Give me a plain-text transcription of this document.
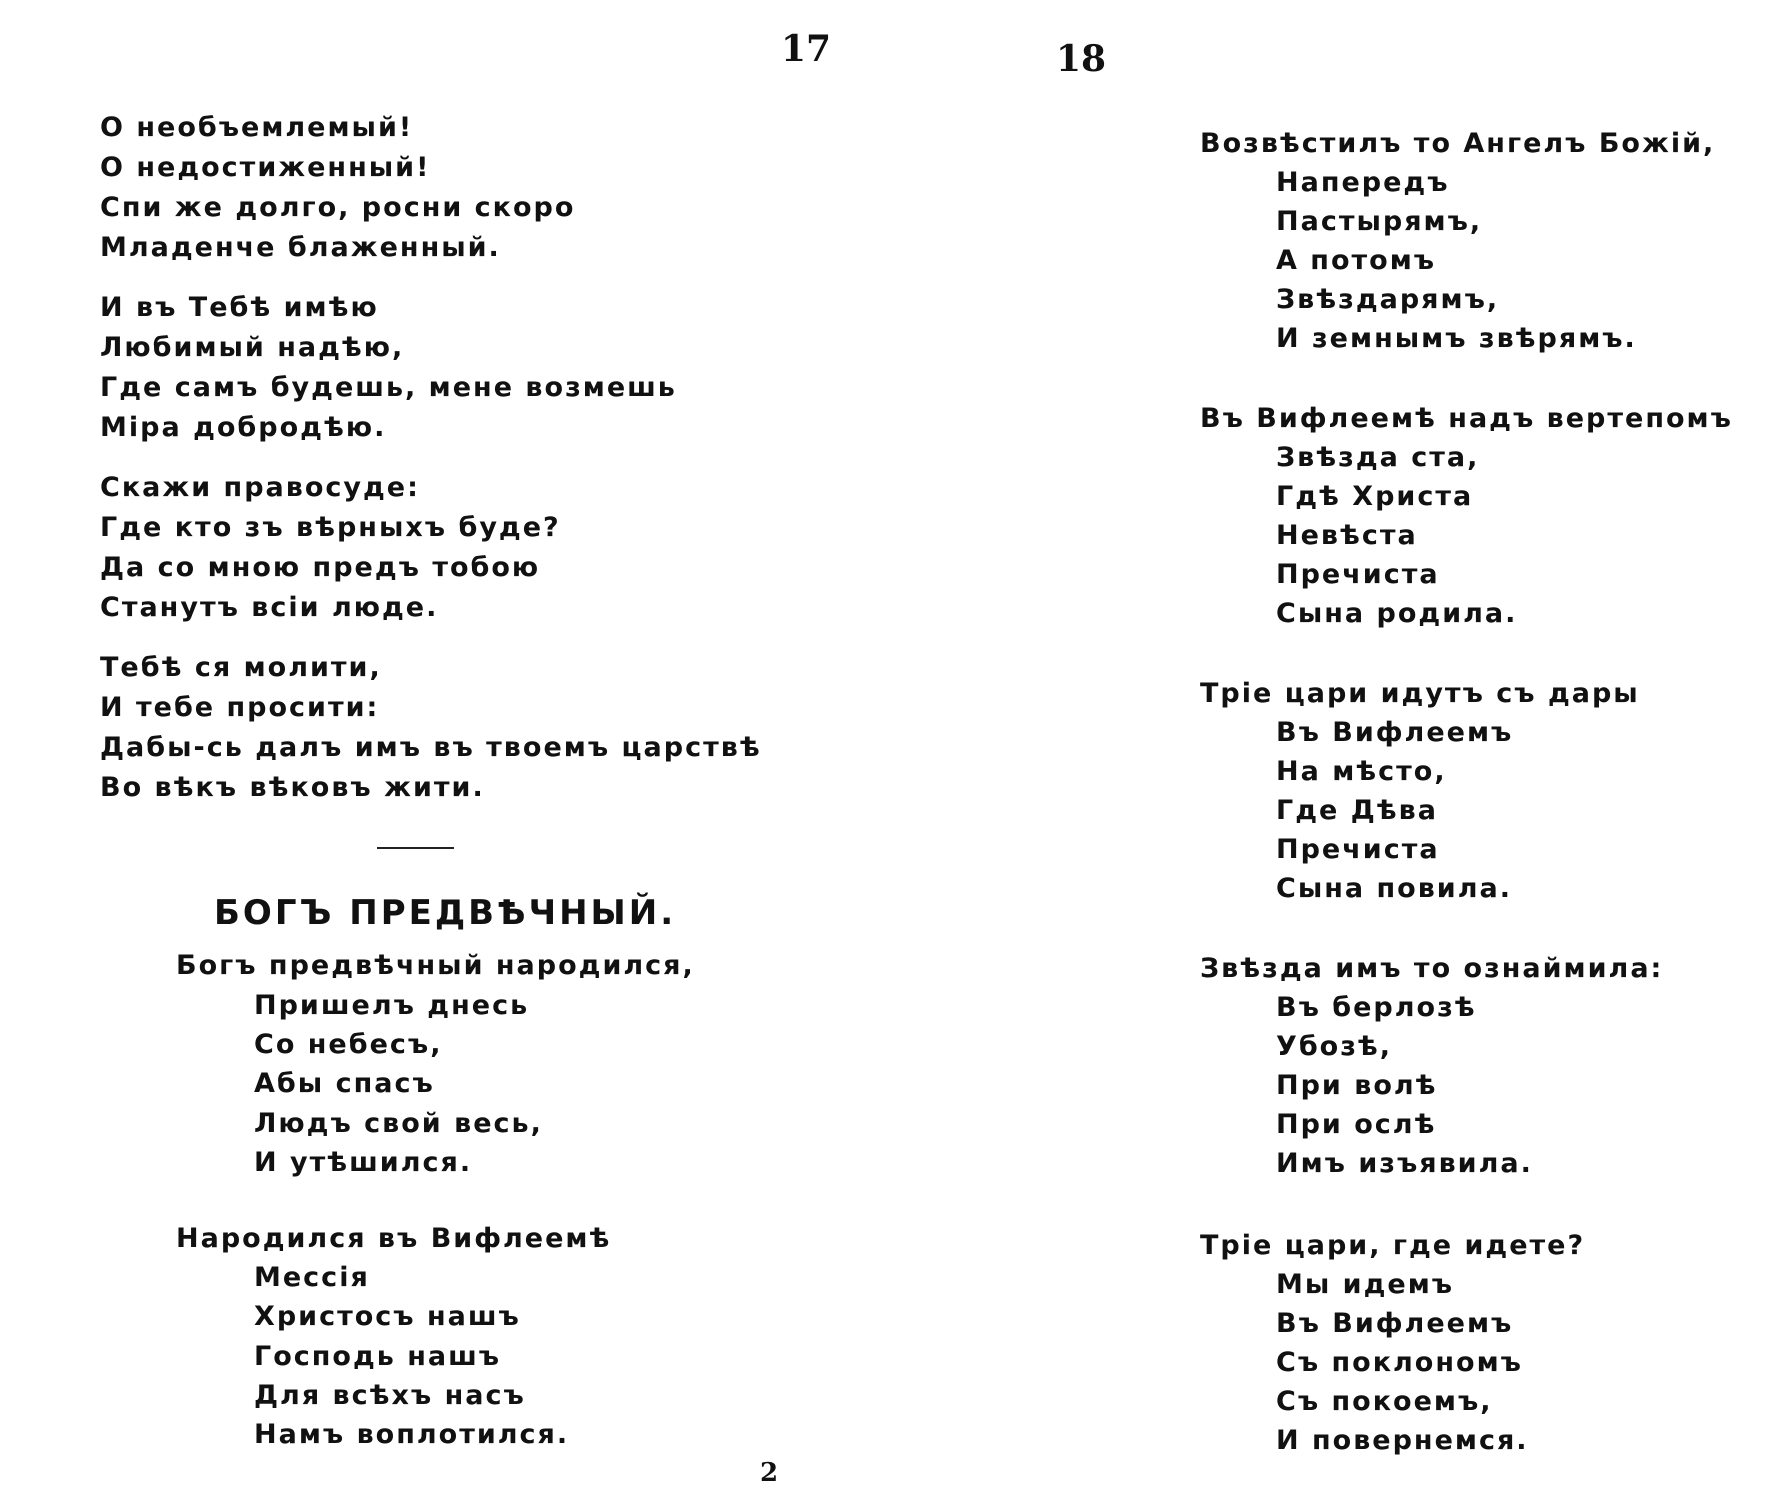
17	18
О необъемлемый!
О недостиженный!
Спи же долго, росни скоро
Младенче блаженный.
И въ Тебѣ имѣю
Любимый надѣю,
Где самъ будешь, мене возмешь
Міра добродѣю.
Скажи правосуде:
Где кто зъ вѣрныхъ буде?
Да со мною предъ тобою
Станутъ всіи люде.
Тебѣ ся молити,
И тебе просити:
Дабы-сь далъ имъ въ твоемъ царствѣ
Во вѣкъ вѣковъ жити.
БОГЪ ПРЕДВѢЧНЫЙ.
Богъ предвѣчный народился,
Пришелъ днесь
Со небесъ,
Абы спасъ
Людъ свой весь,
И утѣшился.
Народился въ Вифлеемѣ
Мессія
Христосъ нашъ
Господь нашъ
Для всѣхъ насъ
Намъ воплотился.
Возвѣстилъ то Ангелъ Божій,
Напередъ
Пастырямъ,
А потомъ
Звѣздарямъ,
И земнымъ звѣрямъ.
Въ Вифлеемѣ надъ вертепомъ
Звѣзда ста,
Гдѣ Христа
Невѣста
Пречиста
Сына родила.
Тріе цари идутъ съ дары
Въ Вифлеемъ
На мѣсто,
Где Дѣва
Пречиста
Сына повила.
Звѣзда имъ то ознаймила:
Въ берлозѣ
Убозѣ,
При волѣ
При ослѣ
Имъ изъявила.
Тріе цари, где идете?
Мы идемъ
Въ Вифлеемъ
Съ поклономъ
Съ покоемъ,
И повернемся.
2
